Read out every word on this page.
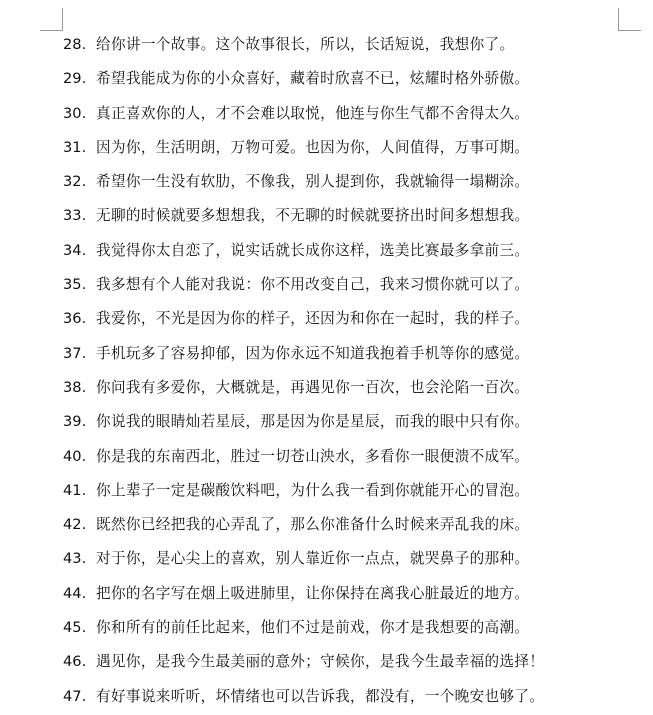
28. 给你讲一个故事。这个故事很长，所以，长话短说，我想你了。
29. 希望我能成为你的小众喜好，藏着时欣喜不已，炫耀时格外骄傲。
30. 真正喜欢你的人，才不会难以取悦，他连与你生气都不舍得太久。
31. 因为你，生活明朗，万物可爱。也因为你，人间值得，万事可期。
32. 希望你一生没有软肋，不像我，别人提到你，我就输得一塌糊涂。
33. 无聊的时候就要多想想我，不无聊的时候就要挤出时间多想想我。
34. 我觉得你太自恋了，说实话就长成你这样，选美比赛最多拿前三。
35. 我多想有个人能对我说：你不用改变自己，我来习惯你就可以了。
36. 我爱你，不光是因为你的样子，还因为和你在一起时，我的样子。
37. 手机玩多了容易抑郁，因为你永远不知道我抱着手机等你的感觉。
38. 你问我有多爱你，大概就是，再遇见你一百次，也会沦陷一百次。
39. 你说我的眼睛灿若星辰，那是因为你是星辰，而我的眼中只有你。
40. 你是我的东南西北，胜过一切苍山泱水，多看你一眼便溃不成军。
41. 你上辈子一定是碳酸饮料吧，为什么我一看到你就能开心的冒泡。
42. 既然你已经把我的心弄乱了，那么你准备什么时候来弄乱我的床。
43. 对于你，是心尖上的喜欢，别人靠近你一点点，就哭鼻子的那种。
44. 把你的名字写在烟上吸进肺里，让你保持在离我心脏最近的地方。
45. 你和所有的前任比起来，他们不过是前戏，你才是我想要的高潮。
46. 遇见你，是我今生最美丽的意外；守候你，是我今生最幸福的选择！
47. 有好事说来听听，坏情绪也可以告诉我，都没有，一个晚安也够了。
